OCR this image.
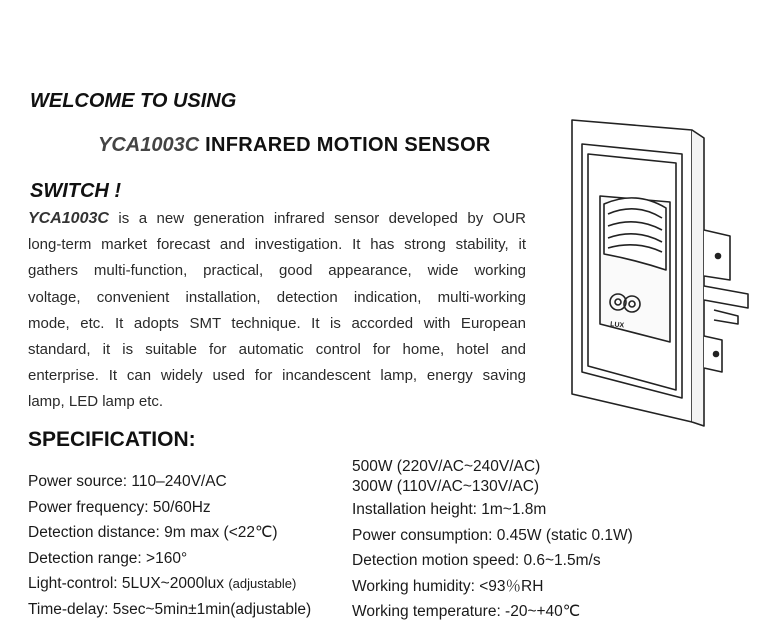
WELCOME TO USING
YCA1003C INFRARED MOTION SENSOR
SWITCH !
YCA1003C is a new generation infrared sensor developed by OUR
long-term market forecast and investigation. It has strong stability, it
gathers multi-function, practical, good appearance, wide working
voltage, convenient installation, detection indication, multi-working
mode, etc. It adopts SMT technique. It is accorded with European
standard, it is suitable for automatic control for home, hotel and
enterprise. It can widely used for incandescent lamp, energy saving
lamp, LED lamp etc.
SPECIFICATION:
Power source: 110–240V/AC
Power frequency: 50/60Hz
Detection distance: 9m max (<22℃)
Detection range: >160°
Light-control: 5LUX~2000lux (adjustable)
Time-delay: 5sec~5min±1min(adjustable)
500W (220V/AC~240V/AC)
300W (110V/AC~130V/AC)
Installation height: 1m~1.8m
Power consumption: 0.45W (static 0.1W)
Detection motion speed: 0.6~1.5m/s
Working humidity: <93％RH
Working temperature: -20~+40℃
LUX
